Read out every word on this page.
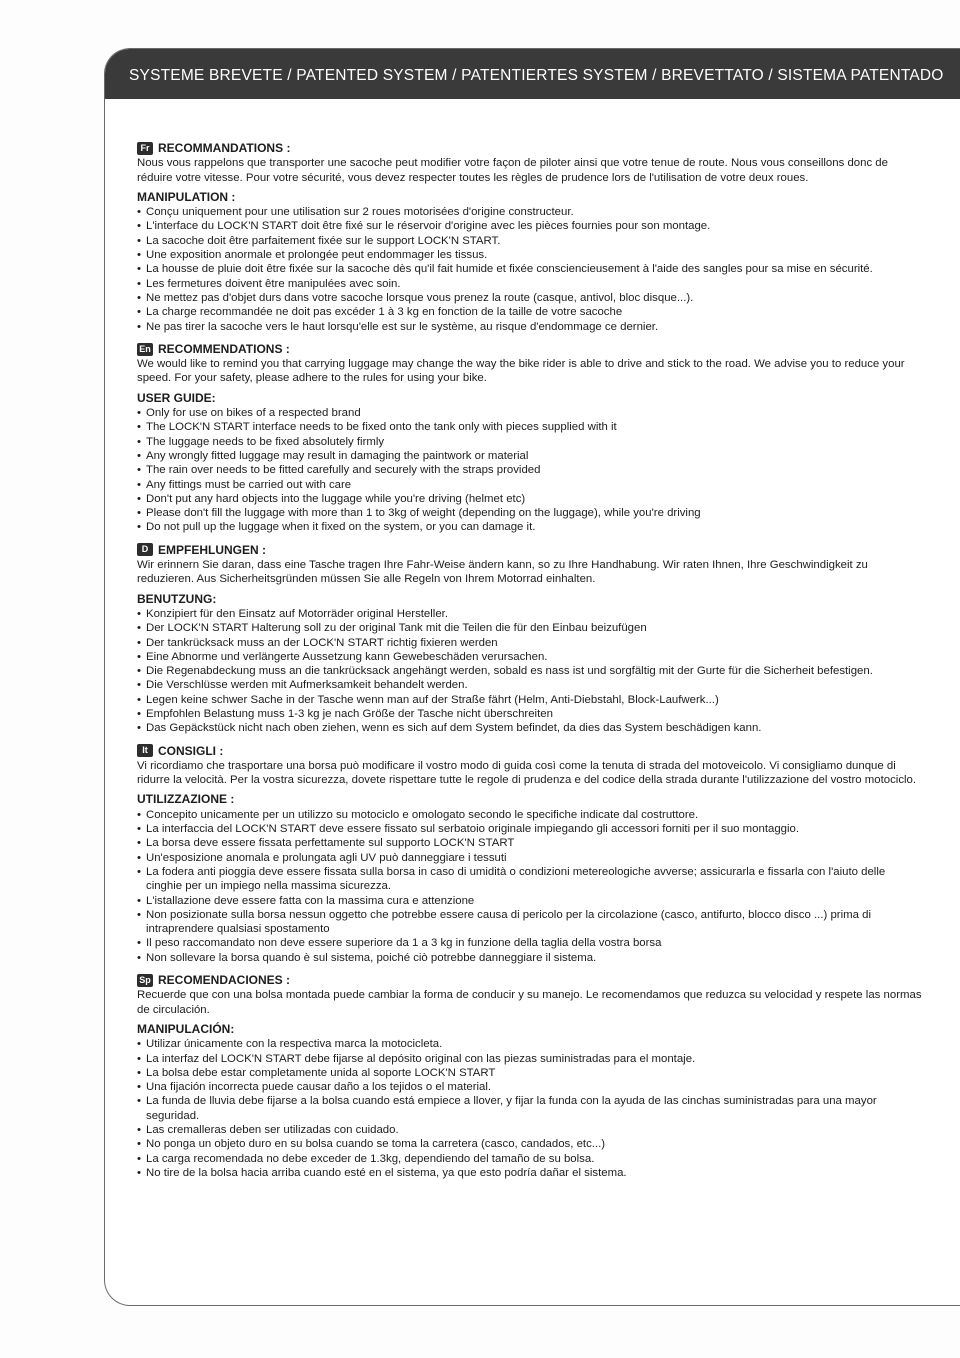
SYSTEME BREVETE / PATENTED SYSTEM / PATENTIERTES SYSTEM / BREVETTATO / SISTEMA PATENTADO
Fr RECOMMANDATIONS :

Nous vous rappelons que transporter une sacoche peut modifier votre façon de piloter ainsi que votre tenue de route. Nous vous conseillons donc de réduire votre vitesse. Pour votre sécurité, vous devez respecter toutes les règles de prudence lors de l'utilisation de votre deux roues.

MANIPULATION :
• Conçu uniquement pour une utilisation sur 2 roues motorisées d'origine constructeur.
• L'interface du LOCK'N START doit être fixé sur le réservoir d'origine avec les pièces fournies pour son montage.
• La sacoche doit être parfaitement fixée sur le support LOCK'N START.
• Une exposition anormale et prolongée peut endommager les tissus.
• La housse de pluie doit être fixée sur la sacoche dès qu'il fait humide et fixée consciencieusement à l'aide des sangles pour sa mise en sécurité.
• Les fermetures doivent être manipulées avec soin.
• Ne mettez pas d'objet durs dans votre sacoche lorsque vous prenez la route (casque, antivol, bloc disque...).
• La charge recommandée ne doit pas excéder 1 à 3 kg en fonction de la taille de votre sacoche
• Ne pas tirer la sacoche vers le haut lorsqu'elle est sur le système, au risque d'endommage ce dernier.
En RECOMMENDATIONS :

We would like to remind you that carrying luggage may change the way the bike rider is able to drive and stick to the road. We advise you to reduce your speed. For your safety, please adhere to the rules for using your bike.

USER GUIDE:
• Only for use on bikes of a respected brand
• The LOCK'N START interface needs to be fixed onto the tank only with pieces supplied with it
• The luggage needs to be fixed absolutely firmly
• Any wrongly fitted luggage may result in damaging the paintwork or material
• The rain over needs to be fitted carefully and securely with the straps provided
• Any fittings must be carried out with care
• Don't put any hard objects into the luggage while you're driving (helmet etc)
• Please don't fill the luggage with more than 1 to 3kg of weight (depending on the luggage), while you're driving
• Do not pull up the luggage when it fixed on the system, or you can damage it.
D EMPFEHLUNGEN :

Wir erinnern Sie daran, dass eine Tasche tragen Ihre Fahr-Weise ändern kann, so zu Ihre Handhabung. Wir raten Ihnen, Ihre Geschwindigkeit zu reduzieren. Aus Sicherheitsgründen müssen Sie alle Regeln von Ihrem Motorrad einhalten.

BENUTZUNG:
• Konzipiert für den Einsatz auf Motorräder original Hersteller.
• Der LOCK'N START Halterung soll zu der original Tank mit die Teilen die für den Einbau beizufügen
• Der tankrücksack muss an der LOCK'N START richtig fixieren werden
• Eine Abnorme und verlängerte Aussetzung kann Gewebeschäden verursachen.
• Die Regenabdeckung muss an die tankrücksack angehängt werden, sobald es nass ist und sorgfältig mit der Gurte für die Sicherheit befestigen.
• Die Verschlüsse werden mit Aufmerksamkeit behandelt werden.
• Legen keine schwer Sache in der Tasche wenn man auf der Straße fährt (Helm, Anti-Diebstahl, Block-Laufwerk...)
• Empfohlen Belastung muss 1-3 kg je nach Größe der Tasche nicht überschreiten
• Das Gepäckstück nicht nach oben ziehen, wenn es sich auf dem System befindet, da dies das System beschädigen kann.
It CONSIGLI :

Vi ricordiamo che trasportare una borsa può modificare il vostro modo di guida così come la tenuta di strada del motoveicolo. Vi consigliamo dunque di ridurre la velocità. Per la vostra sicurezza, dovete rispettare tutte le regole di prudenza e del codice della strada durante l'utilizzazione del vostro motociclo.

UTILIZZAZIONE :
• Concepito unicamente per un utilizzo su motociclo e omologato secondo le specifiche indicate dal costruttore.
• La interfaccia del LOCK'N START deve essere fissato sul serbatoio originale impiegando gli accessori forniti per il suo montaggio.
• La borsa deve essere fissata perfettamente sul supporto LOCK'N START
• Un'esposizione anomala e prolungata agli UV può danneggiare i tessuti
• La fodera anti pioggia deve essere fissata sulla borsa in caso di umidità o condizioni metereologiche avverse; assicurarla e fissarla con l'aiuto delle cinghie per un impiego nella massima sicurezza.
• L'istallazione deve essere fatta con la massima cura e attenzione
• Non posizionate sulla borsa nessun oggetto che potrebbe essere causa di pericolo per la circolazione (casco, antifurto, blocco disco ...) prima di intraprendere qualsiasi spostamento
• Il peso raccomandato non deve essere superiore da 1 a 3 kg in funzione della taglia della vostra borsa
• Non sollevare la borsa quando è sul sistema, poiché ciò potrebbe danneggiare il sistema.
Sp RECOMENDACIONES :

Recuerde que con una bolsa montada puede cambiar la forma de conducir y su manejo. Le recomendamos que reduzca su velocidad y respete las normas de circulación.

MANIPULACIÓN:
• Utilizar únicamente con la respectiva marca la motocicleta.
• La interfaz del LOCK'N START debe fijarse al depósito original con las piezas suministradas para el montaje.
• La bolsa debe estar completamente unida al soporte LOCK'N START
• Una fijación incorrecta puede causar daño a los tejidos o el material.
• La funda de lluvia debe fijarse a la bolsa cuando está empiece a llover, y fijar la funda con la ayuda de las cinchas suministradas para una mayor seguridad.
• Las cremalleras deben ser utilizadas con cuidado.
• No ponga un objeto duro en su bolsa cuando se toma la carretera (casco, candados, etc...)
• La carga recomendada no debe exceder de 1.3kg, dependiendo del tamaño de su bolsa.
• No tire de la bolsa hacia arriba cuando esté en el sistema, ya que esto podría dañar el sistema.
